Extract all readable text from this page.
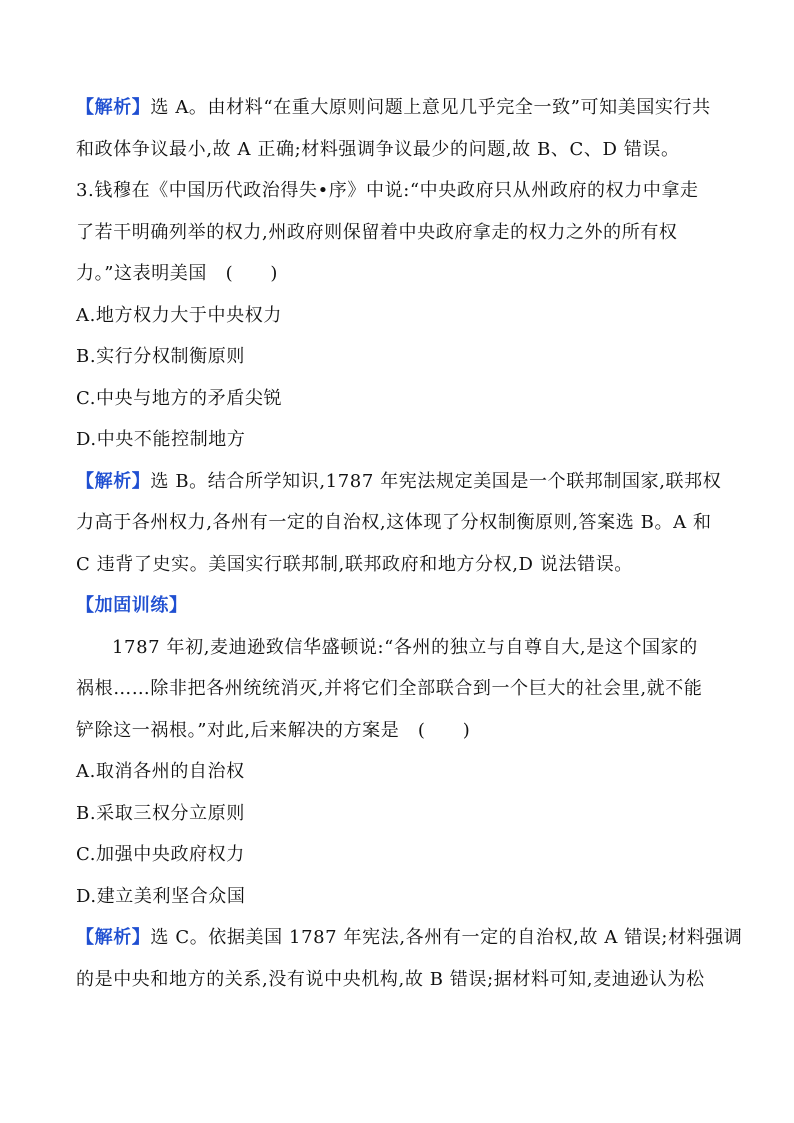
【解析】选 A。由材料“在重大原则问题上意见几乎完全一致”可知美国实行共
和政体争议最小,故 A 正确;材料强调争议最少的问题,故 B、C、D 错误。
3.钱穆在《中国历代政治得失•序》中说:“中央政府只从州政府的权力中拿走
了若干明确列举的权力,州政府则保留着中央政府拿走的权力之外的所有权
力。”这表明美国　(　　)
A.地方权力大于中央权力
B.实行分权制衡原则
C.中央与地方的矛盾尖锐
D.中央不能控制地方
【解析】选 B。结合所学知识,1787 年宪法规定美国是一个联邦制国家,联邦权
力高于各州权力,各州有一定的自治权,这体现了分权制衡原则,答案选 B。A 和
C 违背了史实。美国实行联邦制,联邦政府和地方分权,D 说法错误。
【加固训练】
1787 年初,麦迪逊致信华盛顿说:“各州的独立与自尊自大,是这个国家的
祸根……除非把各州统统消灭,并将它们全部联合到一个巨大的社会里,就不能
铲除这一祸根。”对此,后来解决的方案是　(　　)
A.取消各州的自治权
B.采取三权分立原则
C.加强中央政府权力
D.建立美利坚合众国
【解析】选 C。依据美国 1787 年宪法,各州有一定的自治权,故 A 错误;材料强调
的是中央和地方的关系,没有说中央机构,故 B 错误;据材料可知,麦迪逊认为松
